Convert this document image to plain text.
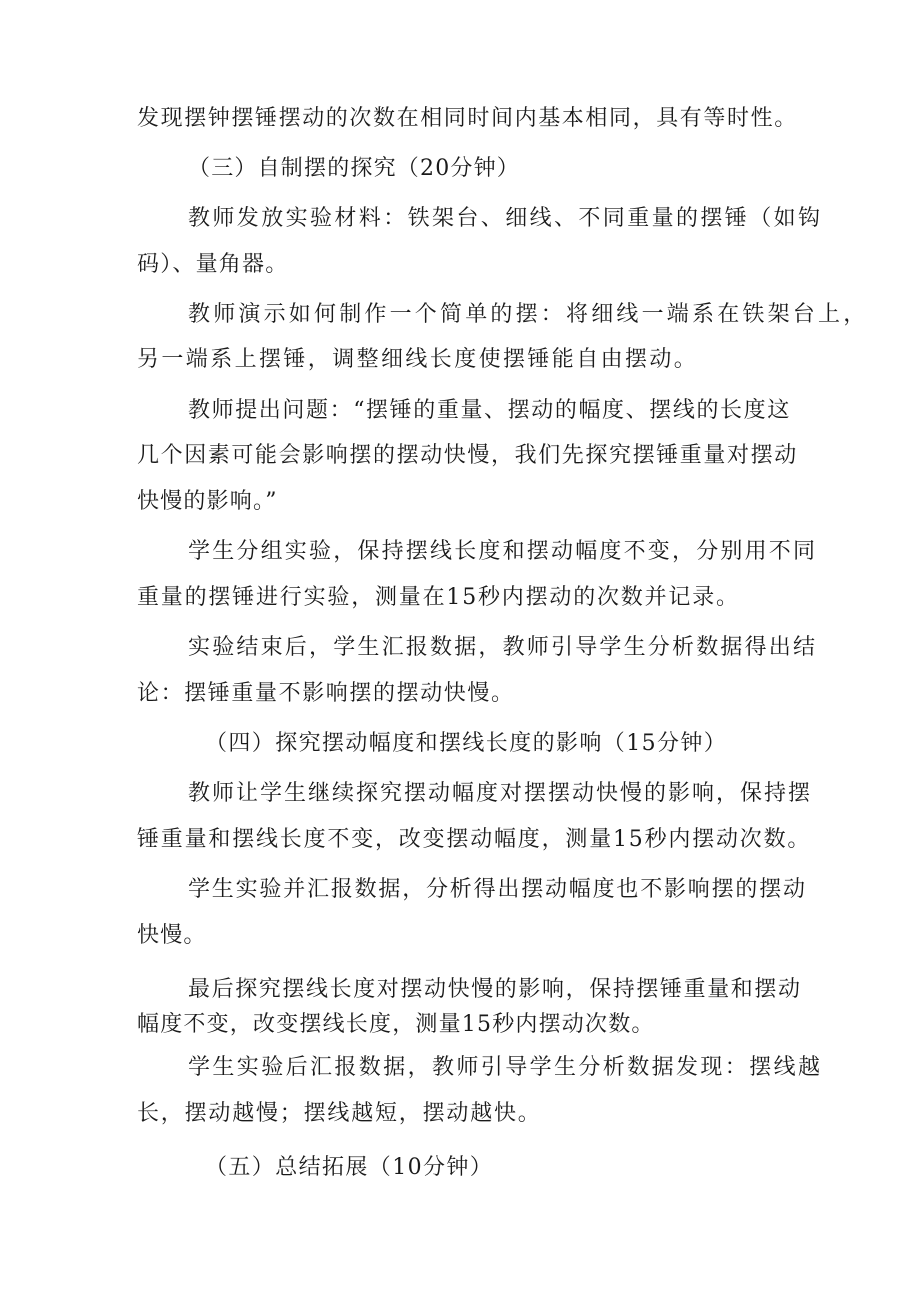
发现摆钟摆锤摆动的次数在相同时间内基本相同，具有等时性。

（三）自制摆的探究（20分钟）

教师发放实验材料：铁架台、细线、不同重量的摆锤（如钩

码）、量角器。

教师演示如何制作一个简单的摆：将细线一端系在铁架台上，

另一端系上摆锤，调整细线长度使摆锤能自由摆动。

教师提出问题：“摆锤的重量、摆动的幅度、摆线的长度这

几个因素可能会影响摆的摆动快慢，我们先探究摆锤重量对摆动

快慢的影响。”

学生分组实验，保持摆线长度和摆动幅度不变，分别用不同

重量的摆锤进行实验，测量在15秒内摆动的次数并记录。

实验结束后，学生汇报数据，教师引导学生分析数据得出结

论：摆锤重量不影响摆的摆动快慢。

（四）探究摆动幅度和摆线长度的影响（15分钟）

教师让学生继续探究摆动幅度对摆摆动快慢的影响，保持摆

锤重量和摆线长度不变，改变摆动幅度，测量15秒内摆动次数。

学生实验并汇报数据，分析得出摆动幅度也不影响摆的摆动

快慢。

最后探究摆线长度对摆动快慢的影响，保持摆锤重量和摆动

幅度不变，改变摆线长度，测量15秒内摆动次数。

学生实验后汇报数据，教师引导学生分析数据发现：摆线越

长，摆动越慢；摆线越短，摆动越快。

（五）总结拓展（10分钟）
